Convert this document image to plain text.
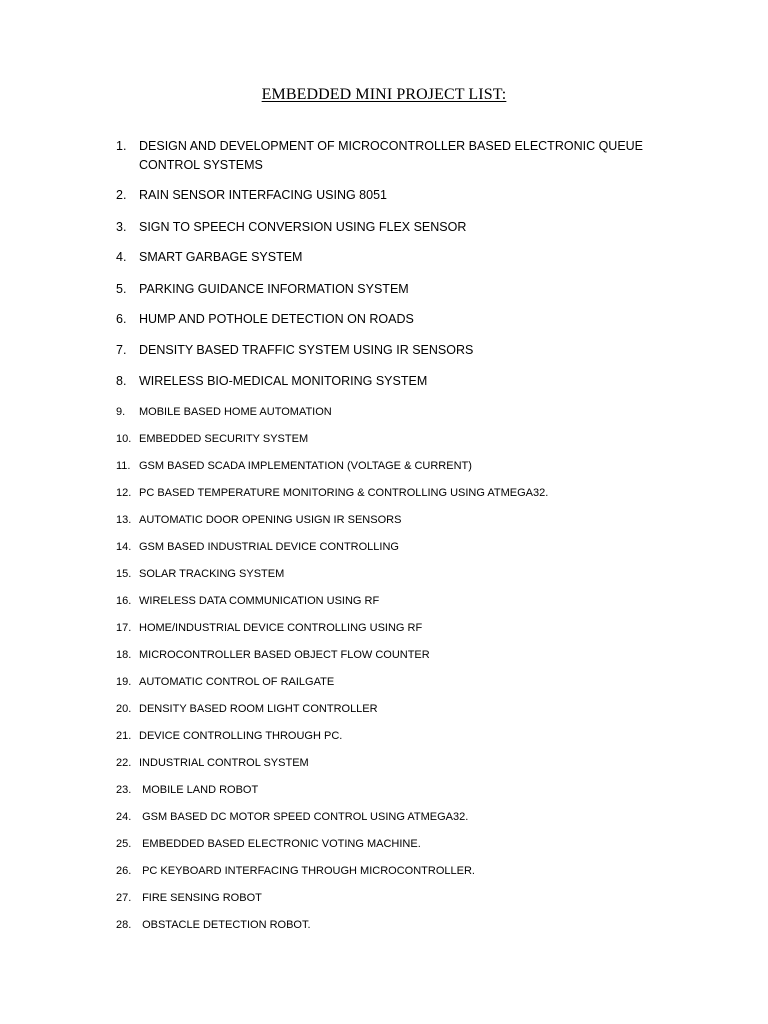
EMBEDDED MINI PROJECT LIST:
1.	DESIGN AND DEVELOPMENT OF MICROCONTROLLER BASED ELECTRONIC QUEUE CONTROL SYSTEMS
2.	RAIN SENSOR INTERFACING USING 8051
3.	SIGN TO SPEECH CONVERSION USING FLEX SENSOR
4.	SMART GARBAGE SYSTEM
5.	PARKING GUIDANCE INFORMATION SYSTEM
6.	HUMP AND POTHOLE DETECTION ON ROADS
7.	DENSITY BASED TRAFFIC SYSTEM USING IR SENSORS
8.	WIRELESS BIO-MEDICAL MONITORING SYSTEM
9.	MOBILE BASED HOME AUTOMATION
10. EMBEDDED SECURITY SYSTEM
11. GSM BASED SCADA IMPLEMENTATION (VOLTAGE & CURRENT)
12. PC BASED TEMPERATURE MONITORING & CONTROLLING USING ATMEGA32.
13. AUTOMATIC DOOR OPENING USIGN IR SENSORS
14. GSM BASED INDUSTRIAL DEVICE CONTROLLING
15. SOLAR TRACKING SYSTEM
16. WIRELESS DATA COMMUNICATION USING RF
17. HOME/INDUSTRIAL DEVICE CONTROLLING USING RF
18. MICROCONTROLLER BASED OBJECT FLOW COUNTER
19. AUTOMATIC CONTROL OF RAILGATE
20. DENSITY BASED ROOM LIGHT CONTROLLER
21. DEVICE CONTROLLING THROUGH PC.
22. INDUSTRIAL CONTROL SYSTEM
23. MOBILE LAND ROBOT
24. GSM BASED DC MOTOR SPEED CONTROL USING ATMEGA32.
25. EMBEDDED BASED ELECTRONIC VOTING MACHINE.
26. PC KEYBOARD INTERFACING THROUGH MICROCONTROLLER.
27. FIRE SENSING ROBOT
28. OBSTACLE DETECTION ROBOT.
